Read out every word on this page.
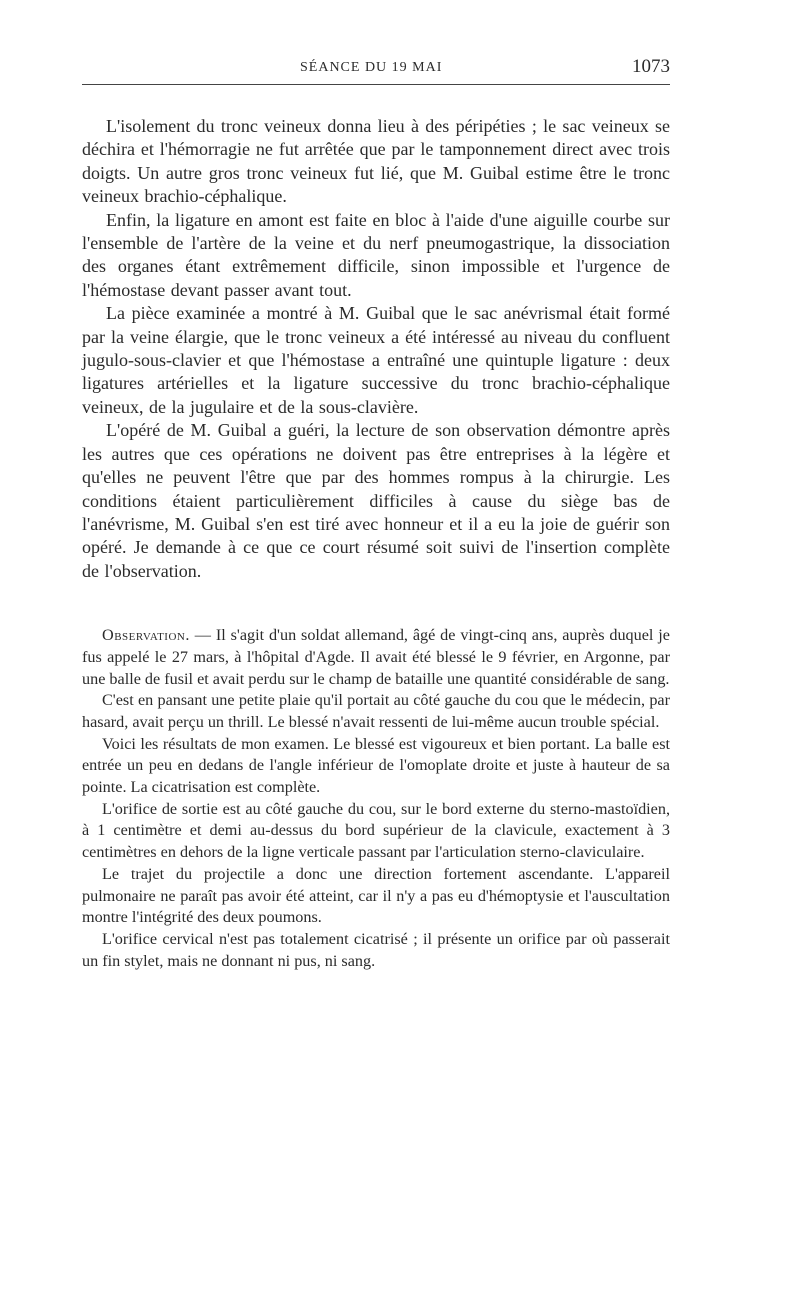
SÉANCE DU 19 MAI	1073

L'isolement du tronc veineux donna lieu à des péripéties ; le sac veineux se déchira et l'hémorragie ne fut arrêtée que par le tamponnement direct avec trois doigts. Un autre gros tronc veineux fut lié, que M. Guibal estime être le tronc veineux brachio-céphalique.

Enfin, la ligature en amont est faite en bloc à l'aide d'une aiguille courbe sur l'ensemble de l'artère de la veine et du nerf pneumogastrique, la dissociation des organes étant extrêmement difficile, sinon impossible et l'urgence de l'hémostase devant passer avant tout.

La pièce examinée a montré à M. Guibal que le sac anévrismal était formé par la veine élargie, que le tronc veineux a été intéressé au niveau du confluent jugulo-sous-clavier et que l'hémostase a entraîné une quintuple ligature : deux ligatures artérielles et la ligature successive du tronc brachio-céphalique veineux, de la jugulaire et de la sous-clavière.

L'opéré de M. Guibal a guéri, la lecture de son observation démontre après les autres que ces opérations ne doivent pas être entreprises à la légère et qu'elles ne peuvent l'être que par des hommes rompus à la chirurgie. Les conditions étaient particulièrement difficiles à cause du siège bas de l'anévrisme, M. Guibal s'en est tiré avec honneur et il a eu la joie de guérir son opéré. Je demande à ce que ce court résumé soit suivi de l'insertion complète de l'observation.

Observation. — Il s'agit d'un soldat allemand, âgé de vingt-cinq ans, auprès duquel je fus appelé le 27 mars, à l'hôpital d'Agde. Il avait été blessé le 9 février, en Argonne, par une balle de fusil et avait perdu sur le champ de bataille une quantité considérable de sang.

C'est en pansant une petite plaie qu'il portait au côté gauche du cou que le médecin, par hasard, avait perçu un thrill. Le blessé n'avait ressenti de lui-même aucun trouble spécial.

Voici les résultats de mon examen. Le blessé est vigoureux et bien portant. La balle est entrée un peu en dedans de l'angle inférieur de l'omoplate droite et juste à hauteur de sa pointe. La cicatrisation est complète.

L'orifice de sortie est au côté gauche du cou, sur le bord externe du sterno-mastoïdien, à 1 centimètre et demi au-dessus du bord supérieur de la clavicule, exactement à 3 centimètres en dehors de la ligne verticale passant par l'articulation sterno-claviculaire.

Le trajet du projectile a donc une direction fortement ascendante. L'appareil pulmonaire ne paraît pas avoir été atteint, car il n'y a pas eu d'hémoptysie et l'auscultation montre l'intégrité des deux poumons.

L'orifice cervical n'est pas totalement cicatrisé ; il présente un orifice par où passerait un fin stylet, mais ne donnant ni pus, ni sang.
